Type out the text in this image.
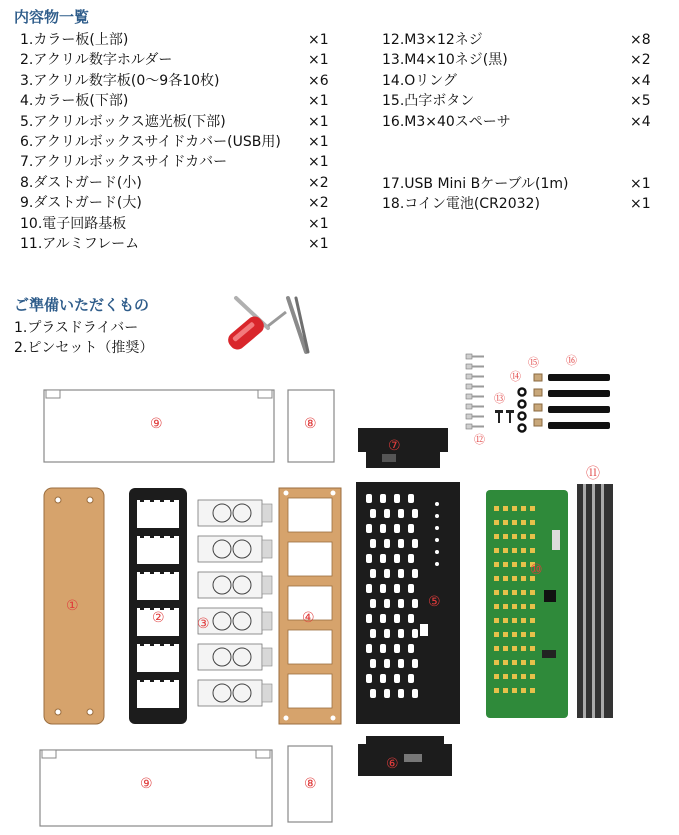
内容物一覧
1.カラー板(上部)	×1
2.アクリル数字ホルダー	×1
3.アクリル数字板(0～9各10枚)	×6
4.カラー板(下部)	×1
5.アクリルボックス遮光板(下部)	×1
6.アクリルボックスサイドカバー(USB用) ×1
7.アクリルボックスサイドカバー	×1
8.ダストガード(小)	×2
9.ダストガード(大)	×2
10.電子回路基板	×1
11.アルミフレーム	×1
12.M3×12ネジ	×8
13.M4×10ネジ(黒)	×2
14.Oリング	×4
15.凸字ボタン	×5
16.M3×40スペーサ	×4
17.USB Mini Bケーブル(1m)	×1
18.コイン電池(CR2032)	×1
ご準備いただくもの
1.プラスドライバー
2.ピンセット（推奨）
⑨	⑧
⑦	⑫
⑬
⑭
⑮ ⑯
①
② ③	④
⑤
⑩
⑪
⑨	⑧
⑥
